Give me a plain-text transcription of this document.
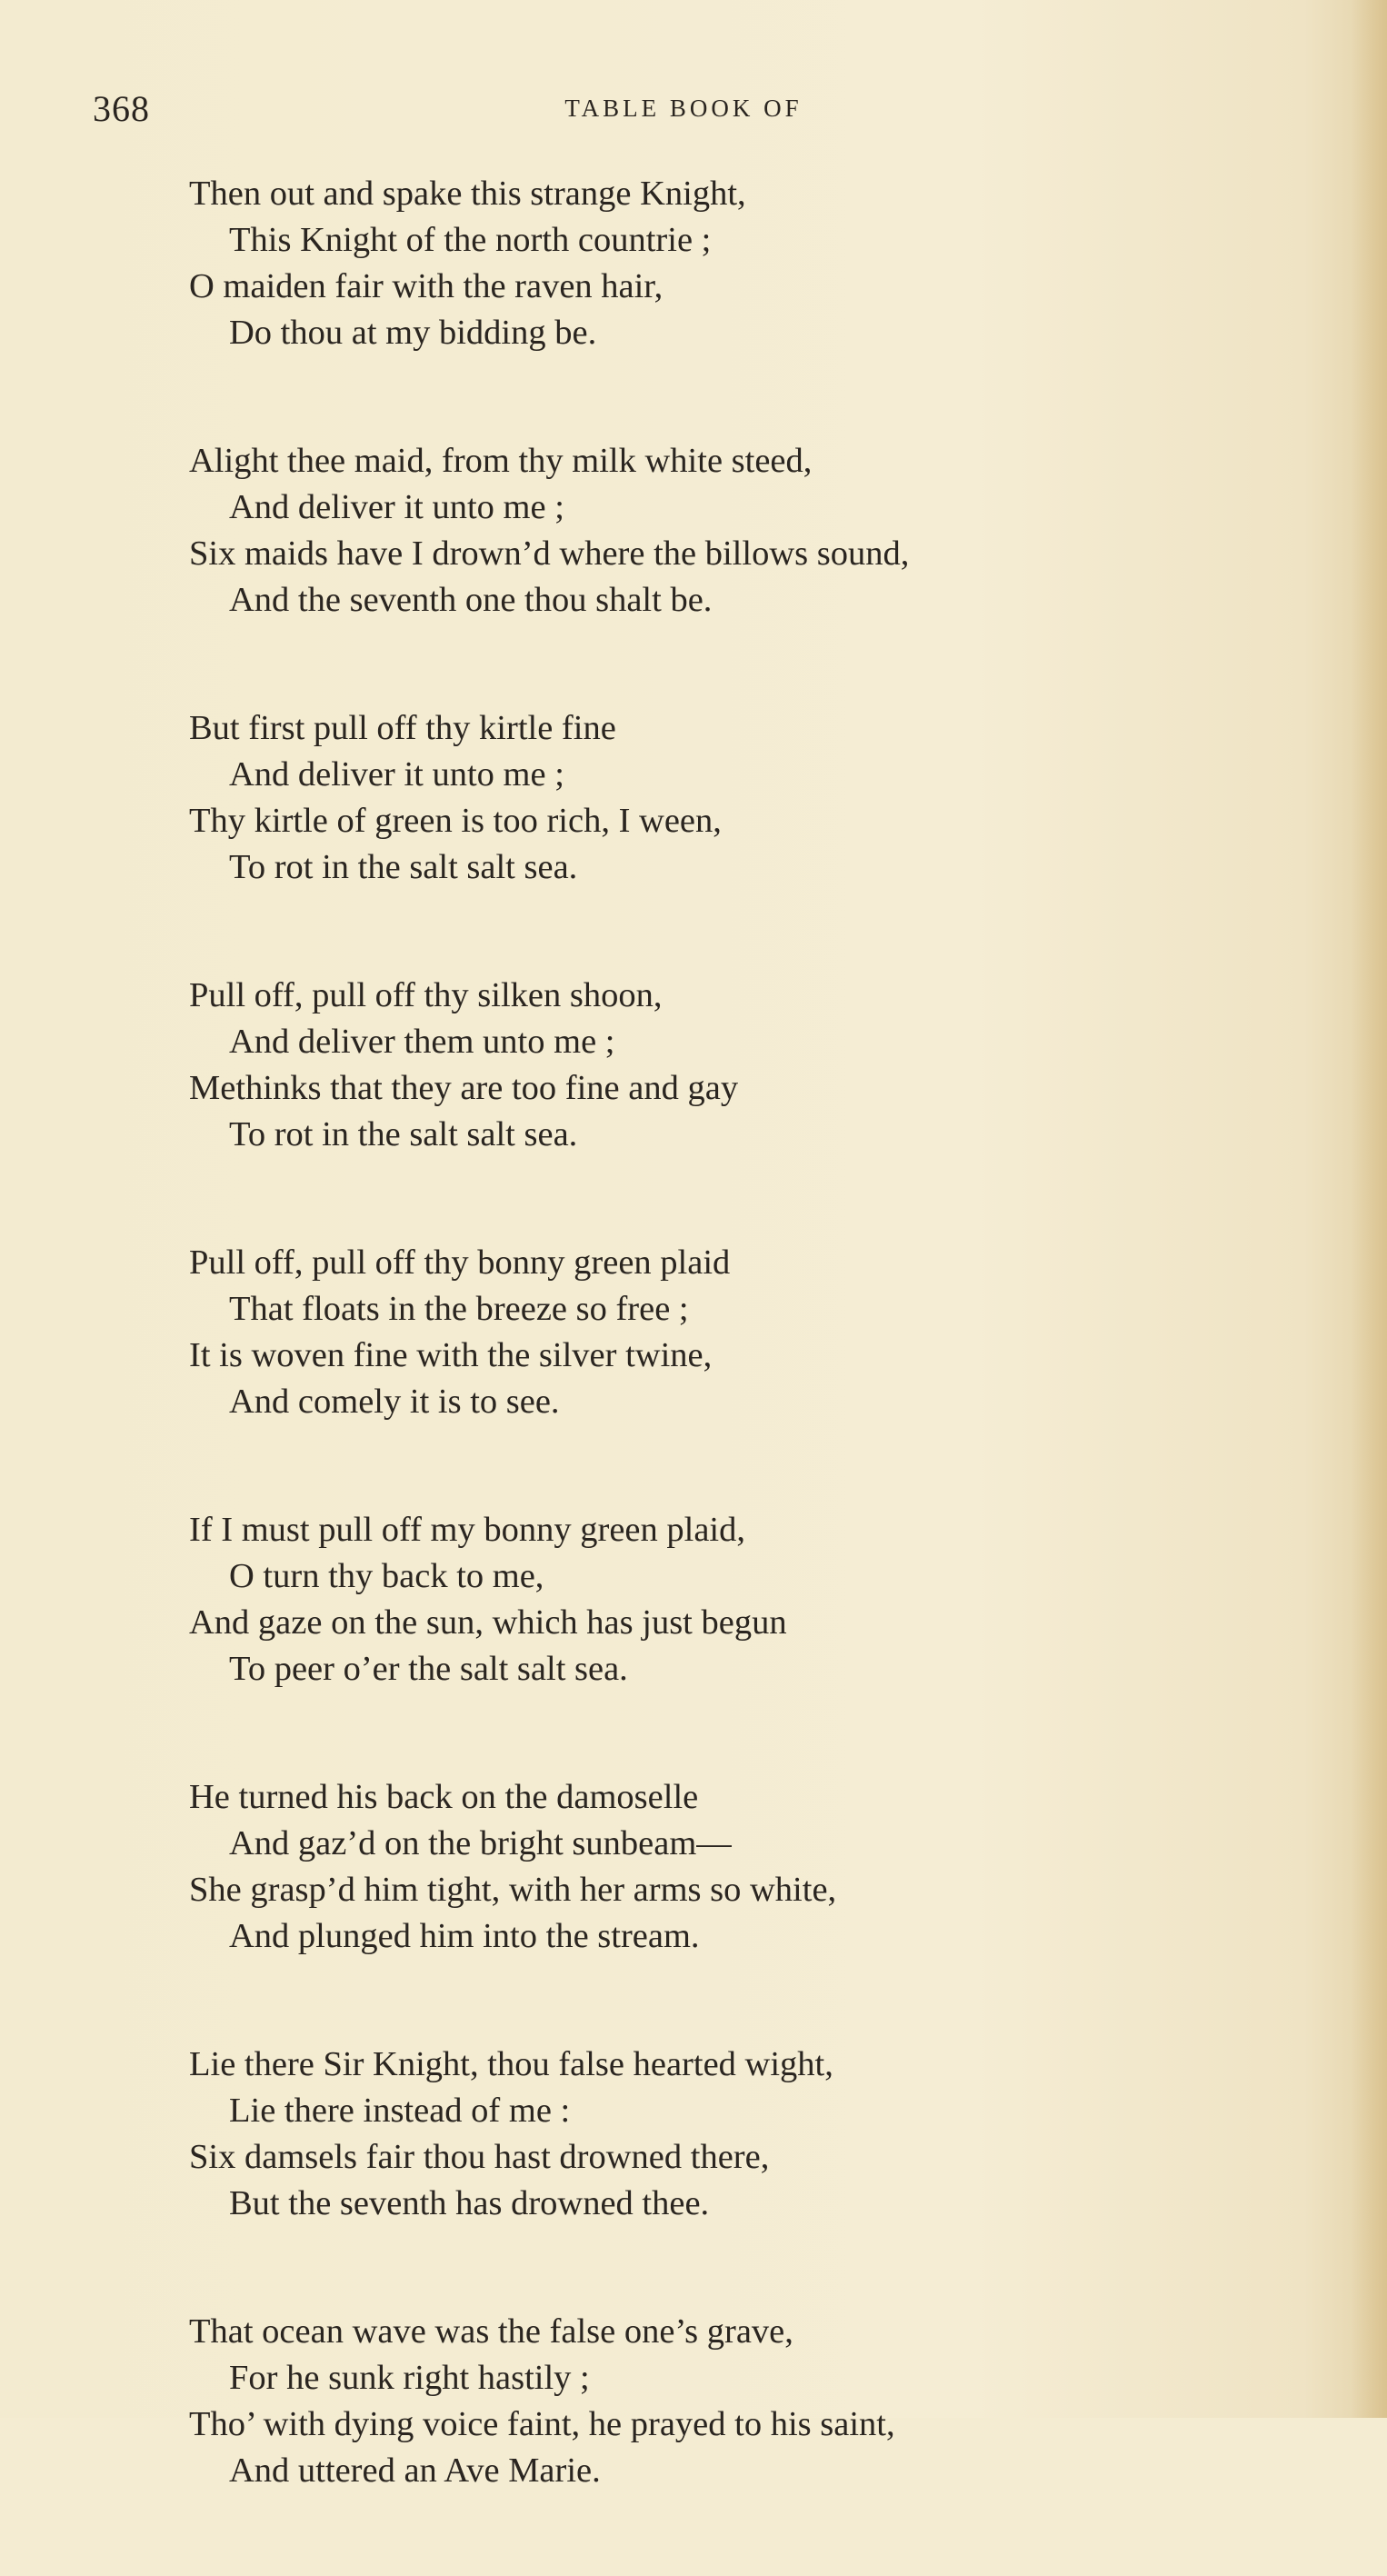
368	TABLE BOOK OF
Then out and spake this strange Knight,
This Knight of the north countrie ;
O maiden fair with the raven hair,
Do thou at my bidding be.
Alight thee maid, from thy milk white steed,
And deliver it unto me ;
Six maids have I drown’d where the billows sound,
And the seventh one thou shalt be.
But first pull off thy kirtle fine
And deliver it unto me ;
Thy kirtle of green is too rich, I ween,
To rot in the salt salt sea.
Pull off, pull off thy silken shoon,
And deliver them unto me ;
Methinks that they are too fine and gay
To rot in the salt salt sea.
Pull off, pull off thy bonny green plaid
That floats in the breeze so free ;
It is woven fine with the silver twine,
And comely it is to see.
If I must pull off my bonny green plaid,
O turn thy back to me,
And gaze on the sun, which has just begun
To peer o’er the salt salt sea.
He turned his back on the damoselle
And gaz’d on the bright sunbeam—
She grasp’d him tight, with her arms so white,
And plunged him into the stream.
Lie there Sir Knight, thou false hearted wight,
Lie there instead of me :
Six damsels fair thou hast drowned there,
But the seventh has drowned thee.
That ocean wave was the false one’s grave,
For he sunk right hastily ;
Tho’ with dying voice faint, he prayed to his saint,
And uttered an Ave Marie.
